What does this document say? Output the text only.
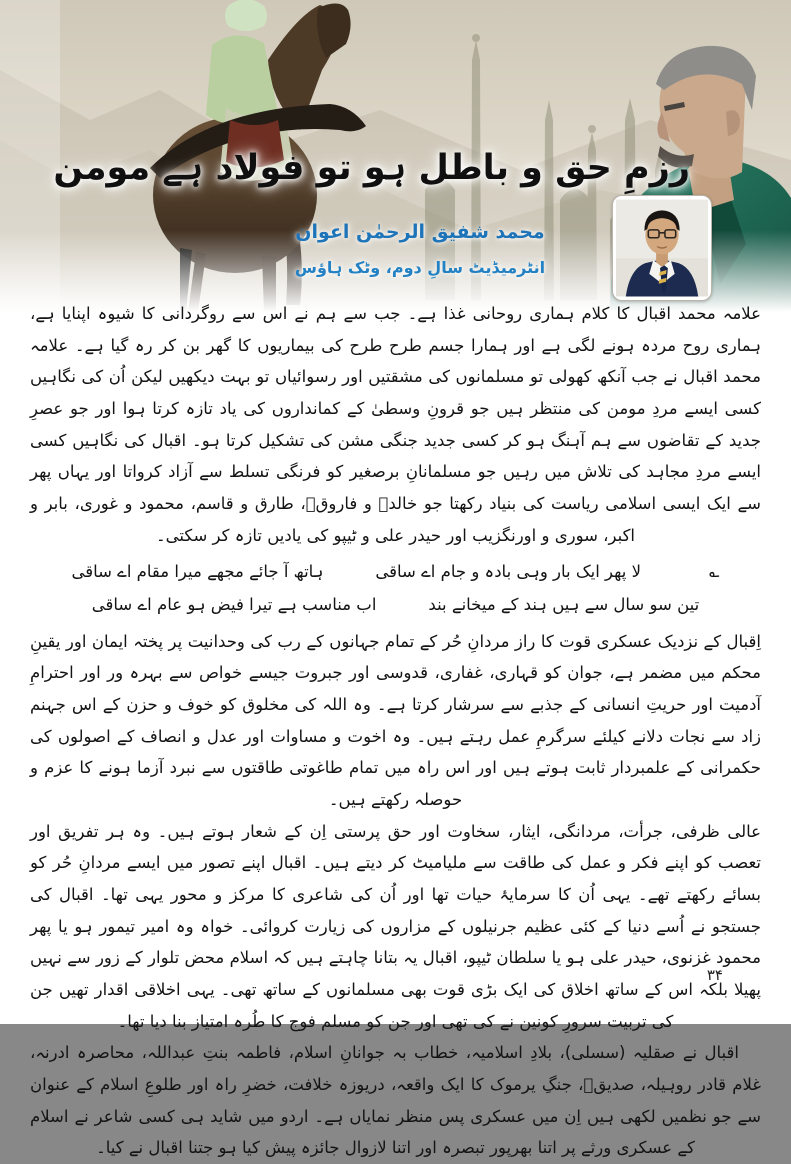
رزمِ حق و باطل ہو تو فولاد ہے مومن
محمد شفیق الرحمٰن اعوان
انٹرمیڈیٹ سالِ دوم، وٹک ہاؤس

علامہ محمد اقبال کا کلام ہماری روحانی غذا ہے۔ جب سے ہم نے اس سے روگردانی کا شیوہ اپنایا ہے، ہماری روح مردہ ہونے لگی ہے اور ہمارا جسم طرح طرح کی بیماریوں کا گھر بن کر رہ گیا ہے۔ علامہ محمد اقبال نے جب آنکھ کھولی تو مسلمانوں کی مشقتیں اور رسوائیاں تو بہت دیکھیں لیکن اُن کی نگاہیں کسی ایسے مردِ مومن کی منتظر ہیں جو قرونِ وسطیٰ کے کمانداروں کی یاد تازہ کرتا ہوا اور جو عصرِ جدید کے تقاضوں سے ہم آہنگ ہو کر کسی جدید جنگی مشن کی تشکیل کرتا ہو۔ اقبال کی نگاہیں کسی ایسے مردِ مجاہد کی تلاش میں رہیں جو مسلمانانِ برصغیر کو فرنگی تسلط سے آزاد کرواتا اور یہاں پھر سے ایک ایسی اسلامی ریاست کی بنیاد رکھتا جو خالدؓ و فاروقؓ، طارق و قاسم، محمود و غوری، بابر و اکبر، سوری و اورنگزیب اور حیدر علی و ٹیپو کی یادیں تازہ کر سکتی۔

؎
لا پھر ایک بار وہی بادہ و جام اے ساقی
ہاتھ آ جائے مجھے میرا مقام اے ساقی
تین سو سال سے ہیں ہند کے میخانے بند
اب مناسب ہے تیرا فیض ہو عام اے ساقی

اِقبال کے نزدیک عسکری قوت کا راز مردانِ حُر کے تمام جہانوں کے رب کی وحدانیت پر پختہ ایمان اور یقینِ محکم میں مضمر ہے، جوان کو قہاری، غفاری، قدوسی اور جبروت جیسے خواص سے بہرہ ور اور احترامِ آدمیت اور حریتِ انسانی کے جذبے سے سرشار کرتا ہے۔ وہ اللہ کی مخلوق کو خوف و حزن کے اس جہنم زاد سے نجات دلانے کیلئے سرگرمِ عمل رہتے ہیں۔ وہ اخوت و مساوات اور عدل و انصاف کے اصولوں کی حکمرانی کے علمبردار ثابت ہوتے ہیں اور اس راہ میں تمام طاغوتی طاقتوں سے نبرد آزما ہونے کا عزم و حوصلہ رکھتے ہیں۔

عالی ظرفی، جرأت، مردانگی، ایثار، سخاوت اور حق پرستی اِن کے شعار ہوتے ہیں۔ وہ ہر تفریق اور تعصب کو اپنے فکر و عمل کی طاقت سے ملیامیٹ کر دیتے ہیں۔ اقبال اپنے تصور میں ایسے مردانِ حُر کو بسائے رکھتے تھے۔ یہی اُن کا سرمایۂ حیات تھا اور اُن کی شاعری کا مرکز و محور یہی تھا۔ اقبال کی جستجو نے اُسے دنیا کے کئی عظیم جرنیلوں کے مزاروں کی زیارت کروائی۔ خواہ وہ امیر تیمور ہو یا پھر محمود غزنوی، حیدر علی ہو یا سلطان ٹیپو، اقبال یہ بتانا چاہتے ہیں کہ اسلام محض تلوار کے زور سے نہیں پھیلا بلکہ اس کے ساتھ اخلاق کی ایک بڑی قوت بھی مسلمانوں کے ساتھ تھی۔ یہی اخلاقی اقدار تھیں جن کی تربیت سرورِ کونین نے کی تھی اور جن کو مسلم فوج کا طُرہ امتیاز بنا دیا تھا۔

اقبال نے صقلیہ (سسلی)، بلادِ اسلامیہ، خطاب بہ جوانانِ اسلام، فاطمہ بنتِ عبداللہ، محاصرہ ادرنہ، غلام قادر روہیلہ، صدیقؓ، جنگِ یرموک کا ایک واقعہ، دریوزہ خلافت، خضرِ راہ اور طلوعِ اسلام کے عنوان سے جو نظمیں لکھی ہیں اِن میں عسکری پس منظر نمایاں ہے۔ اردو میں شاید ہی کسی شاعر نے اسلام کے عسکری ورثے پر اتنا بھرپور تبصرہ اور اتنا لازوال جائزہ پیش کیا ہو جتنا اقبال نے کیا۔

۳۴
